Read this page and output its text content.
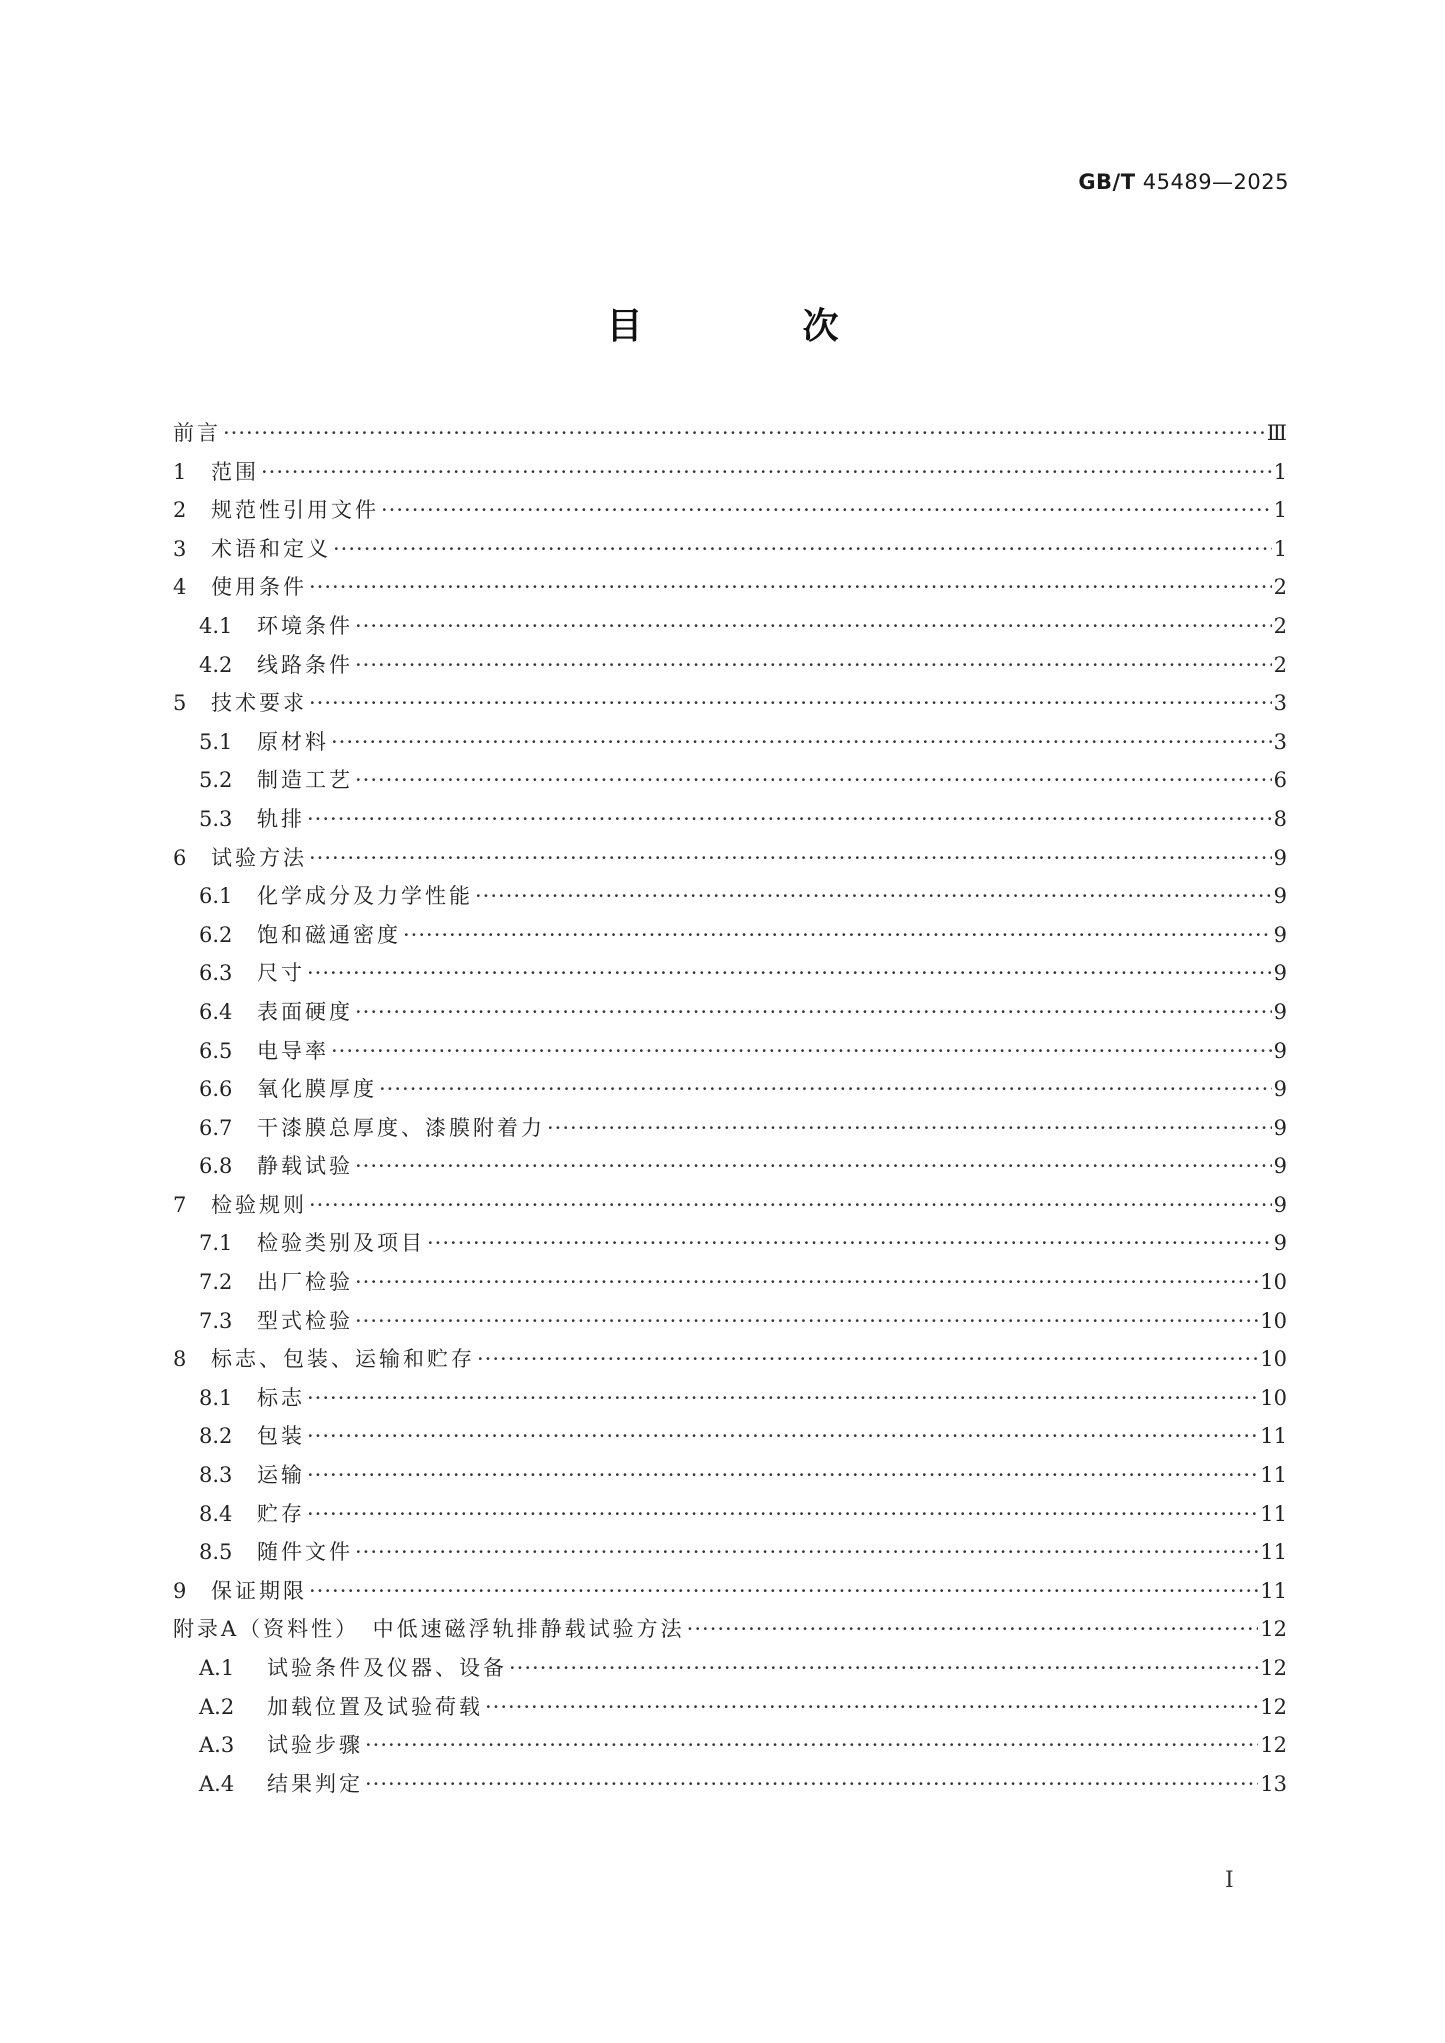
GB/T 45489—2025
目　次
前言 ·····	Ⅲ
1	范围 ·····	1
2	规范性引用文件 ·····	1
3	术语和定义 ·····	1
4	使用条件 ·····	2
4.1	环境条件 ·····	2
4.2	线路条件 ·····	2
5	技术要求 ·····	3
5.1	原材料 ·····	3
5.2	制造工艺 ·····	6
5.3	轨排 ·····	8
6	试验方法 ·····	9
6.1	化学成分及力学性能 ·····	9
6.2	饱和磁通密度 ·····	9
6.3	尺寸 ·····	9
6.4	表面硬度 ·····	9
6.5	电导率 ·····	9
6.6	氧化膜厚度 ·····	9
6.7	干漆膜总厚度、漆膜附着力 ·····	9
6.8	静载试验 ·····	9
7	检验规则 ·····	9
7.1	检验类别及项目 ·····	9
7.2	出厂检验 ·····	10
7.3	型式检验 ·····	10
8	标志、包装、运输和贮存 ·····	10
8.1	标志 ·····	10
8.2	包装 ·····	11
8.3	运输 ·····	11
8.4	贮存 ·····	11
8.5	随件文件 ·····	11
9	保证期限 ·····	11
附录A（资料性）　中低速磁浮轨排静载试验方法 ·····	12
A.1	试验条件及仪器、设备 ·····	12
A.2	加载位置及试验荷载 ·····	12
A.3	试验步骤 ·····	12
A.4	结果判定 ·····	13
Ⅰ
